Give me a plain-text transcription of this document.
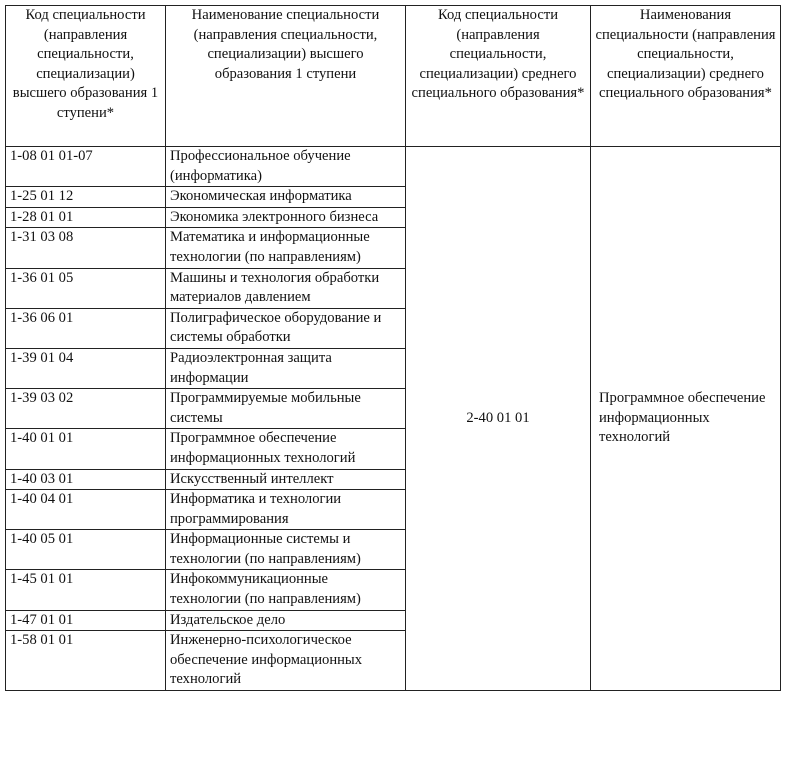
Код специальности (направления специальности, специализации) высшего образования 1 ступени*	Наименование специальности (направления специальности, специализации) высшего образования 1 ступени	Код специальности (направления специальности, специализации) среднего специального образования*	Наименования специальности (направления специальности, специализации) среднего специального образования*
1-08 01 01-07	Профессиональное обучение (информатика)	2-40 01 01	Программное обеспечение информационных технологий
1-25 01 12	Экономическая информатика		
1-28 01 01	Экономика электронного бизнеса		
1-31 03 08	Математика и информационные технологии (по направлениям)		
1-36 01 05	Машины и технология обработки материалов давлением		
1-36 06 01	Полиграфическое оборудование и системы обработки		
1-39 01 04	Радиоэлектронная защита информации		
1-39 03 02	Программируемые мобильные системы		
1-40 01 01	Программное обеспечение информационных технологий		
1-40 03 01	Искусственный интеллект		
1-40 04 01	Информатика и технологии программирования		
1-40 05 01	Информационные системы и технологии (по направлениям)		
1-45 01 01	Инфокоммуникационные технологии (по направлениям)		
1-47 01 01	Издательское дело		
1-58 01 01	Инженерно-психологическое обеспечение информационных технологий		
